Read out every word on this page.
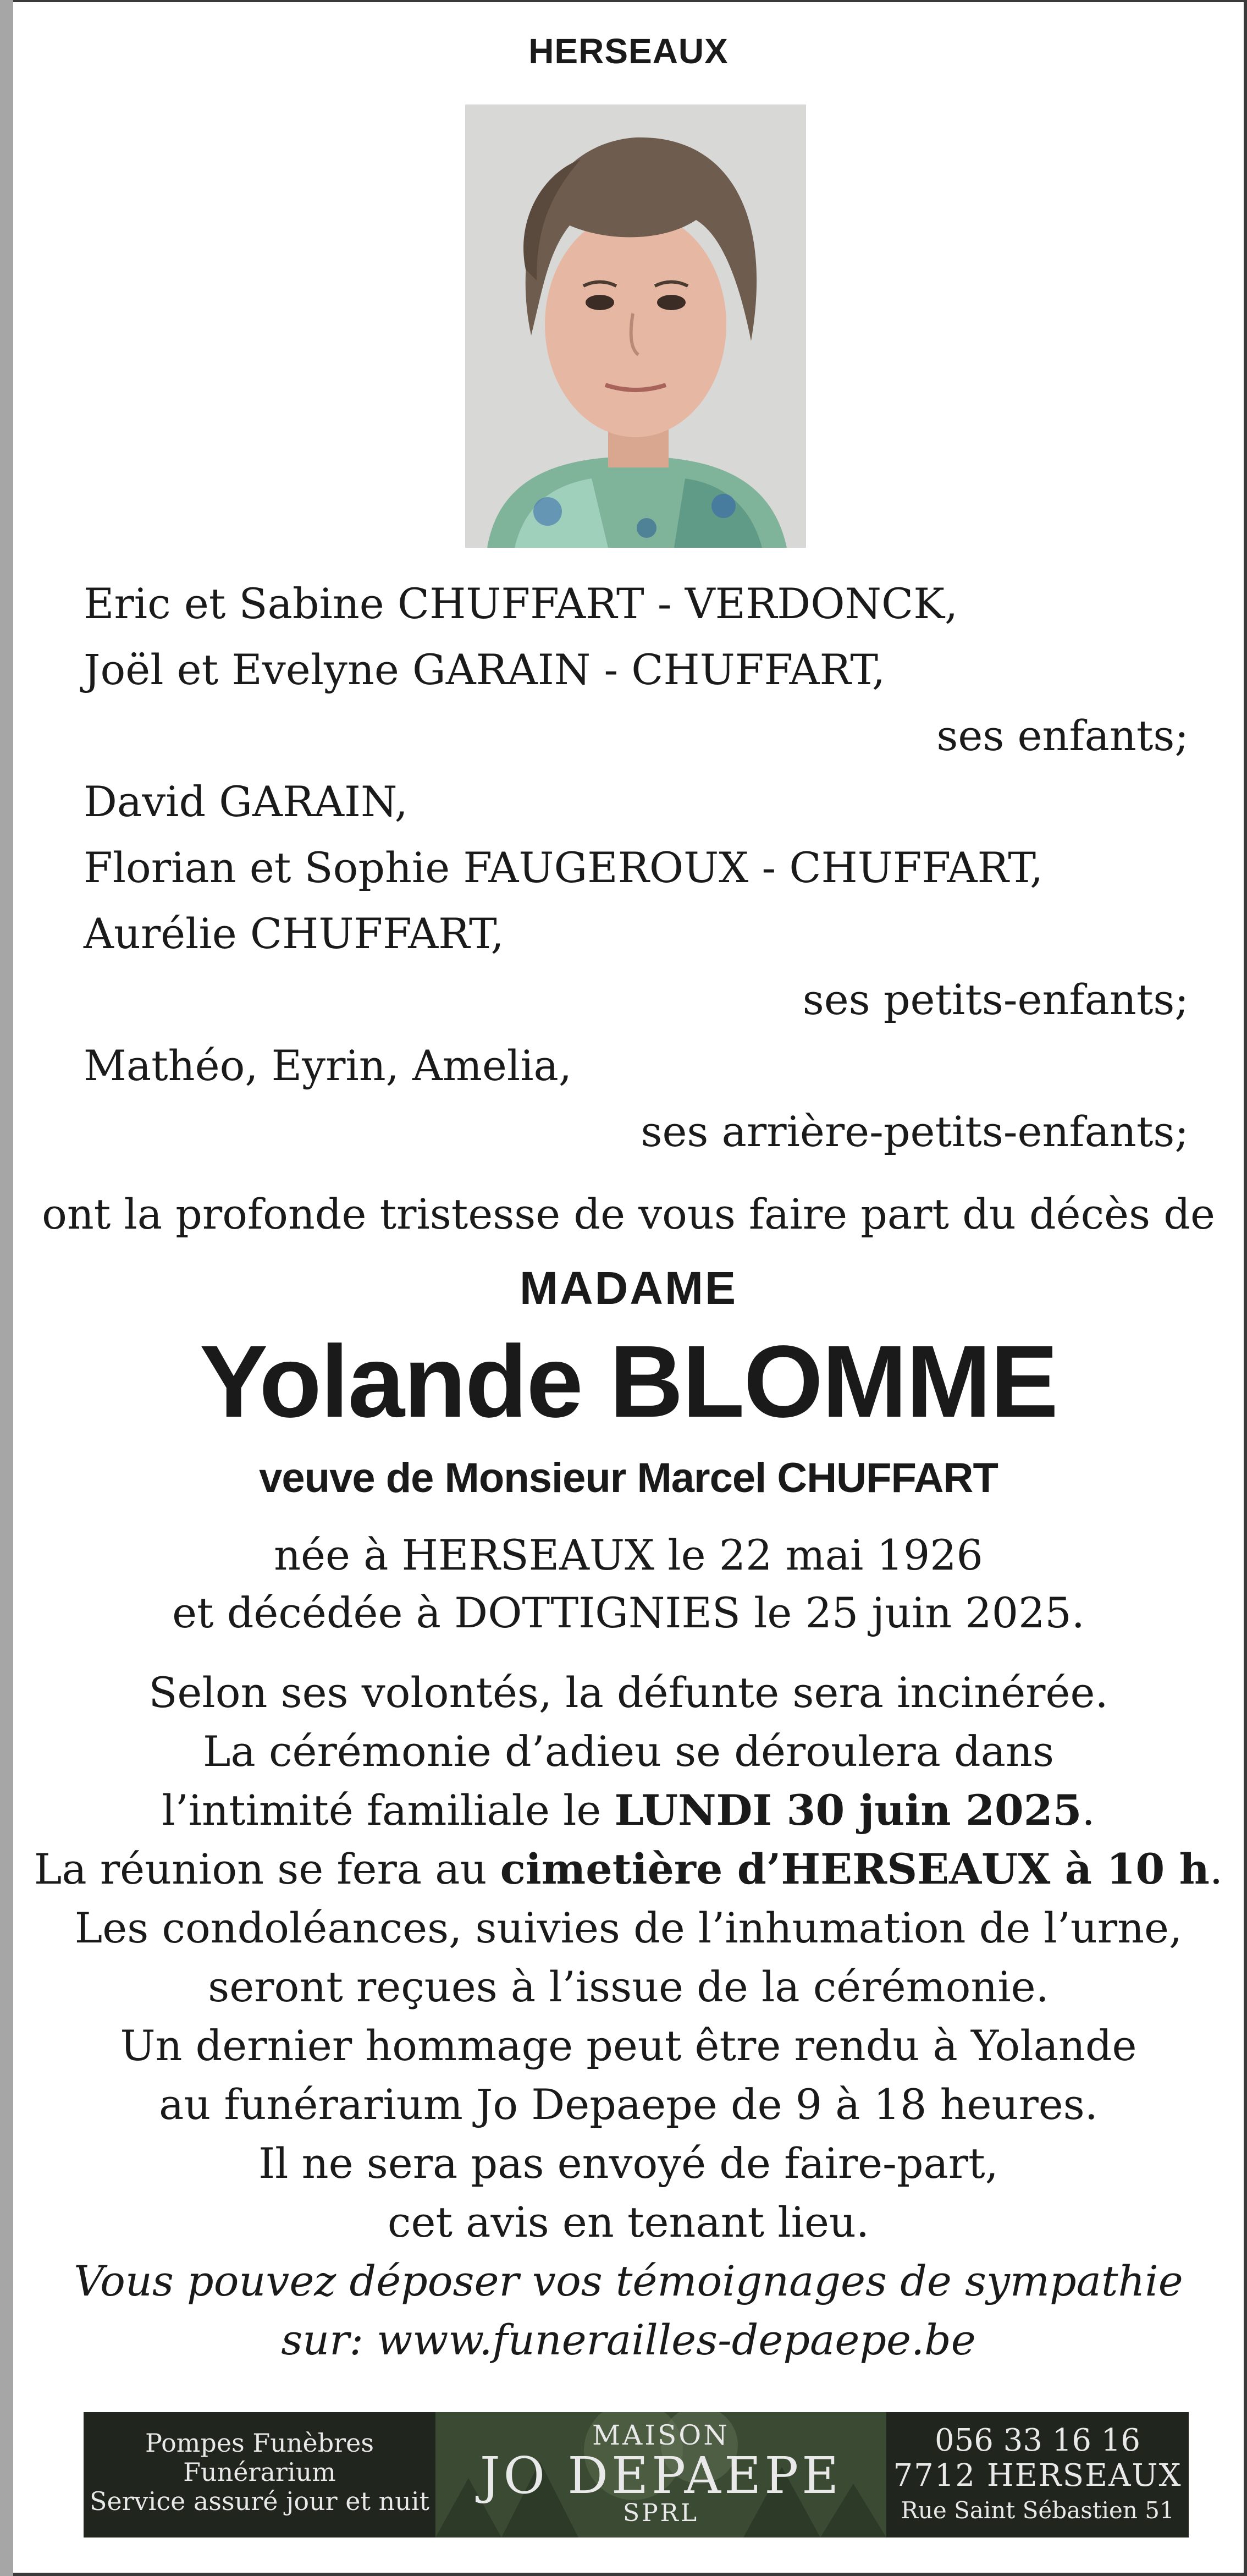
HERSEAUX
Eric et Sabine CHUFFART - VERDONCK,
Joël et Evelyne GARAIN - CHUFFART,
ses enfants;
David GARAIN,
Florian et Sophie FAUGEROUX - CHUFFART,
Aurélie CHUFFART,
ses petits-enfants;
Mathéo, Eyrin, Amelia,
ses arrière-petits-enfants;
ont la profonde tristesse de vous faire part du décès de
MADAME
Yolande BLOMME
veuve de Monsieur Marcel CHUFFART
née à HERSEAUX le 22 mai 1926
et décédée à DOTTIGNIES le 25 juin 2025.
Selon ses volontés, la défunte sera incinérée.
La cérémonie d’adieu se déroulera dans
l’intimité familiale le LUNDI 30 juin 2025.
La réunion se fera au cimetière d’HERSEAUX à 10 h.
Les condoléances, suivies de l’inhumation de l’urne,
seront reçues à l’issue de la cérémonie.
Un dernier hommage peut être rendu à Yolande
au funérarium Jo Depaepe de 9 à 18 heures.
Il ne sera pas envoyé de faire-part,
cet avis en tenant lieu.
Vous pouvez déposer vos témoignages de sympathie
sur: www.funerailles-depaepe.be
Pompes Funèbres
Funérarium
Service assuré jour et nuit
MAISON
JO DEPAEPE
SPRL
056 33 16 16
7712 HERSEAUX
Rue Saint Sébastien 51
